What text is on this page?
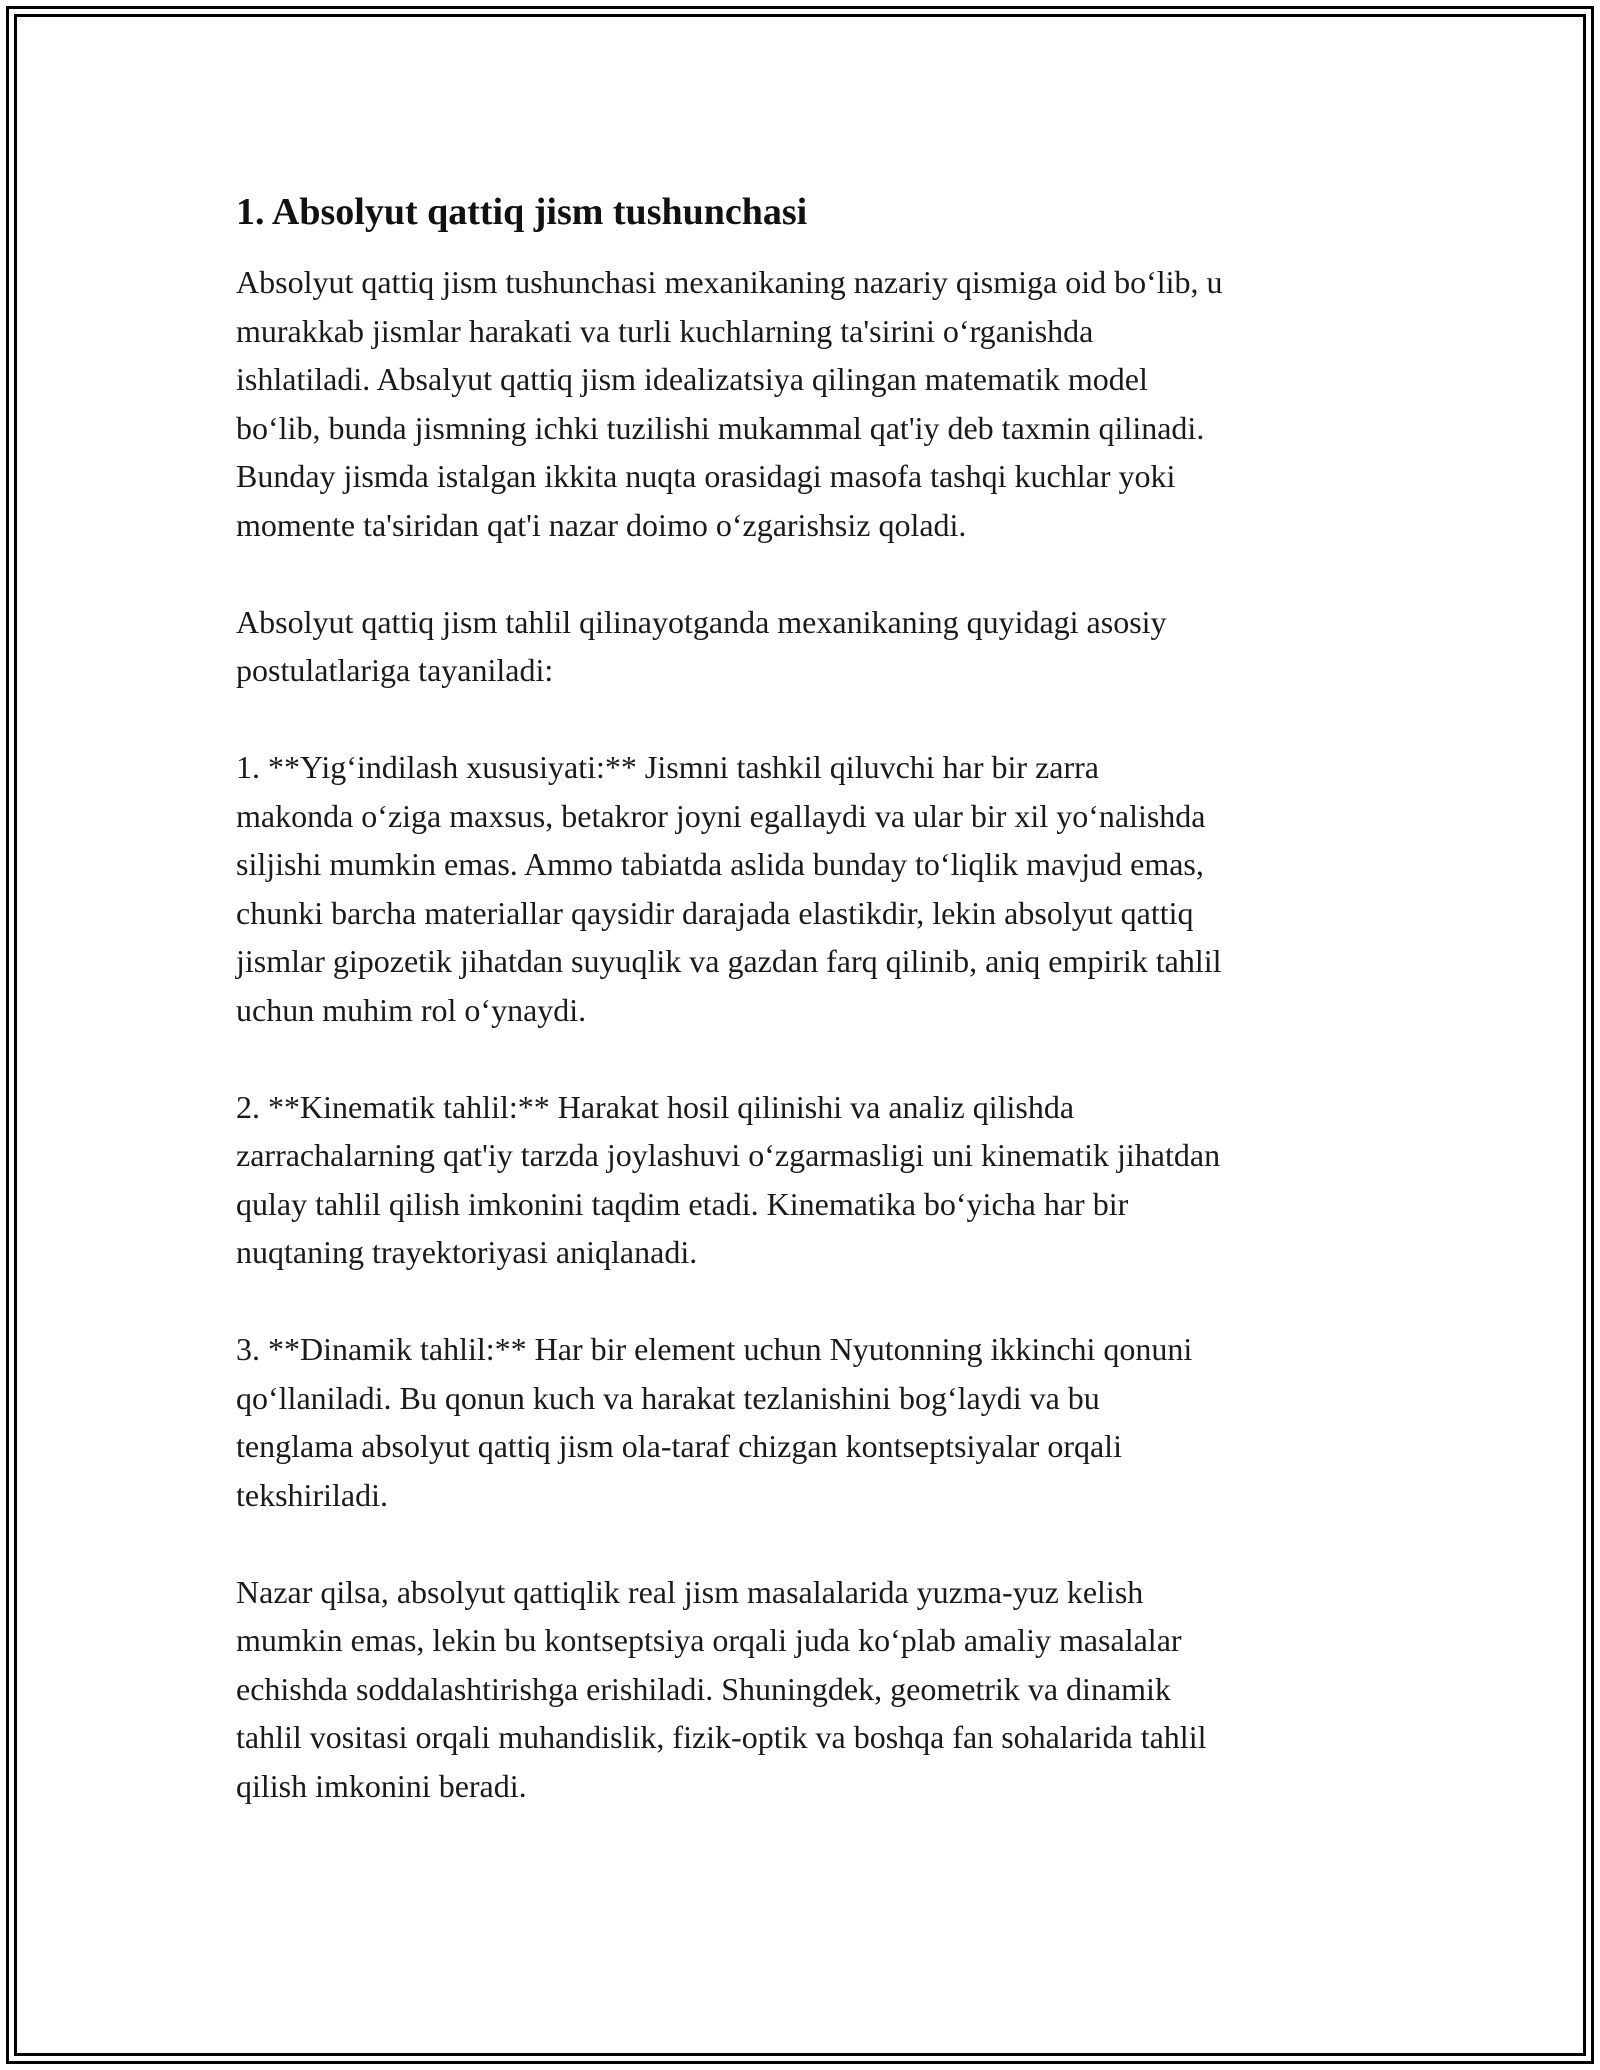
1. Absolyut qattiq jism tushunchasi

Absolyut qattiq jism tushunchasi mexanikaning nazariy qismiga oid bo‘lib, u
murakkab jismlar harakati va turli kuchlarning ta'sirini o‘rganishda
ishlatiladi. Absalyut qattiq jism idealizatsiya qilingan matematik model
bo‘lib, bunda jismning ichki tuzilishi mukammal qat'iy deb taxmin qilinadi.
Bunday jismda istalgan ikkita nuqta orasidagi masofa tashqi kuchlar yoki
momente ta'siridan qat'i nazar doimo o‘zgarishsiz qoladi.

Absolyut qattiq jism tahlil qilinayotganda mexanikaning quyidagi asosiy
postulatlariga tayaniladi:

1. **Yig‘indilash xususiyati:** Jismni tashkil qiluvchi har bir zarra
makonda o‘ziga maxsus, betakror joyni egallaydi va ular bir xil yo‘nalishda
siljishi mumkin emas. Ammo tabiatda aslida bunday to‘liqlik mavjud emas,
chunki barcha materiallar qaysidir darajada elastikdir, lekin absolyut qattiq
jismlar gipozetik jihatdan suyuqlik va gazdan farq qilinib, aniq empirik tahlil
uchun muhim rol o‘ynaydi.

2. **Kinematik tahlil:** Harakat hosil qilinishi va analiz qilishda
zarrachalarning qat'iy tarzda joylashuvi o‘zgarmasligi uni kinematik jihatdan
qulay tahlil qilish imkonini taqdim etadi. Kinematika bo‘yicha har bir
nuqtaning trayektoriyasi aniqlanadi.

3. **Dinamik tahlil:** Har bir element uchun Nyutonning ikkinchi qonuni
qo‘llaniladi. Bu qonun kuch va harakat tezlanishini bog‘laydi va bu
tenglama absolyut qattiq jism ola-taraf chizgan kontseptsiyalar orqali
tekshiriladi.

Nazar qilsa, absolyut qattiqlik real jism masalalarida yuzma-yuz kelish
mumkin emas, lekin bu kontseptsiya orqali juda ko‘plab amaliy masalalar
echishda soddalashtirishga erishiladi. Shuningdek, geometrik va dinamik
tahlil vositasi orqali muhandislik, fizik-optik va boshqa fan sohalarida tahlil
qilish imkonini beradi.
